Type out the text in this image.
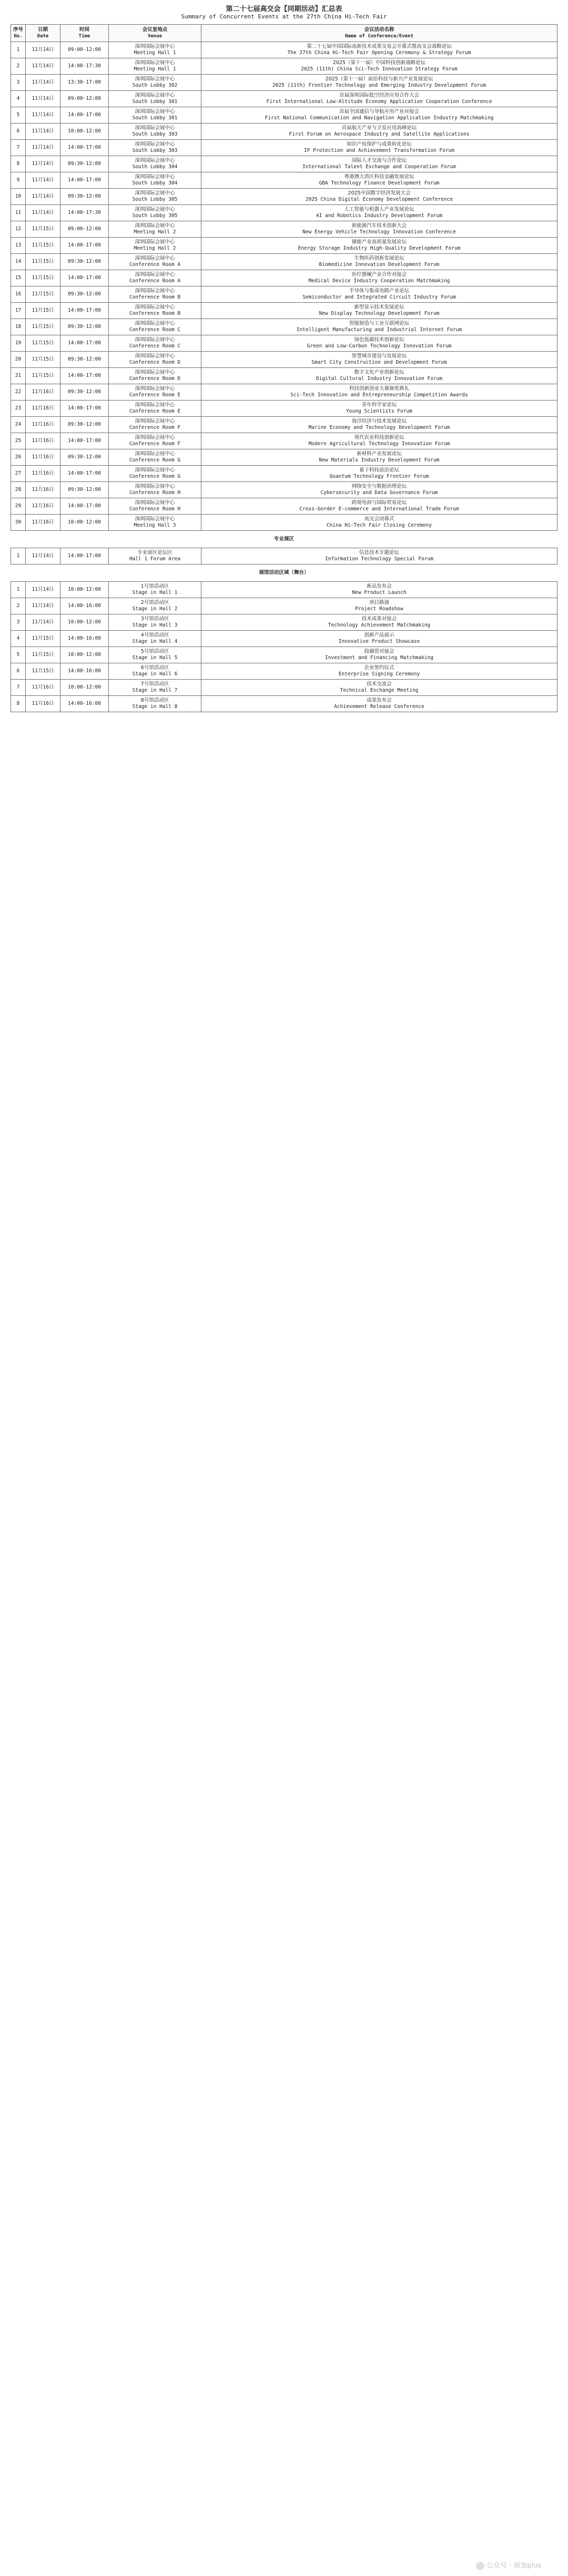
第二十七届高交会【同期活动】汇总表
Summary of Concurrent Events at the 27th China Hi-Tech Fair
序号
No.	日期
Date	时间
Time	会议室地点
Venue	会议活动名称
Name of Conference/Event

1	11月14日	09:00-12:00	深圳国际会展中心
Meeting Hall 1	第二十七届中国国际高新技术成果交易会开幕式暨高交会战略论坛
The 27th China Hi-Tech Fair Opening Ceremony & Strategy Forum

2	11月14日	14:00-17:30	深圳国际会展中心
Meeting Hall 1	2025（第十一届）中国科技创新战略论坛
2025 (11th) China Sci-Tech Innovation Strategy Forum

3	11月14日	13:30-17:00	深圳国际会展中心
South Lobby 302	2025（第十一届）前沿科技与新兴产业发展论坛
2025 (11th) Frontier Technology and Emerging Industry Development Forum

4	11月14日	09:00-12:00	深圳国际会展中心
South Lobby 301	首届深圳国际低空经济应用合作大会
First International Low-Altitude Economy Application Cooperation Conference

5	11月14日	14:00-17:00	深圳国际会展中心
South Lobby 301	首届全国通信与导航应用产业对接会
First National Communication and Navigation Application Industry Matchmaking

6	11月14日	10:00-12:00	深圳国际会展中心
South Lobby 303	首届航天产业与卫星应用高峰论坛
First Forum on Aerospace Industry and Satellite Applications

7	11月14日	14:00-17:00	深圳国际会展中心
South Lobby 303	知识产权保护与成果转化论坛
IP Protection and Achievement Transformation Forum

8	11月14日	09:30-12:00	深圳国际会展中心
South Lobby 304	国际人才交流与合作论坛
International Talent Exchange and Cooperation Forum

9	11月14日	14:00-17:00	深圳国际会展中心
South Lobby 304	粤港澳大湾区科技金融发展论坛
GBA Technology Finance Development Forum

10	11月14日	09:30-12:00	深圳国际会展中心
South Lobby 305	2025中国数字经济发展大会
2025 China Digital Economy Development Conference

11	11月14日	14:00-17:30	深圳国际会展中心
South Lobby 305	人工智能与机器人产业发展论坛
AI and Robotics Industry Development Forum

12	11月15日	09:00-12:00	深圳国际会展中心
Meeting Hall 2	新能源汽车技术创新大会
New Energy Vehicle Technology Innovation Conference

13	11月15日	14:00-17:00	深圳国际会展中心
Meeting Hall 2	储能产业高质量发展论坛
Energy Storage Industry High-Quality Development Forum

14	11月15日	09:30-12:00	深圳国际会展中心
Conference Room A	生物医药创新发展论坛
Biomedicine Innovation Development Forum

15	11月15日	14:00-17:00	深圳国际会展中心
Conference Room A	医疗器械产业合作对接会
Medical Device Industry Cooperation Matchmaking

16	11月15日	09:30-12:00	深圳国际会展中心
Conference Room B	半导体与集成电路产业论坛
Semiconductor and Integrated Circuit Industry Forum

17	11月15日	14:00-17:00	深圳国际会展中心
Conference Room B	新型显示技术发展论坛
New Display Technology Development Forum

18	11月15日	09:30-12:00	深圳国际会展中心
Conference Room C	智能制造与工业互联网论坛
Intelligent Manufacturing and Industrial Internet Forum

19	11月15日	14:00-17:00	深圳国际会展中心
Conference Room C	绿色低碳技术创新论坛
Green and Low-Carbon Technology Innovation Forum

20	11月15日	09:30-12:00	深圳国际会展中心
Conference Room D	智慧城市建设与发展论坛
Smart City Construction and Development Forum

21	11月15日	14:00-17:00	深圳国际会展中心
Conference Room D	数字文化产业创新论坛
Digital Cultural Industry Innovation Forum

22	11月16日	09:30-12:00	深圳国际会展中心
Conference Room E	科技创新创业大赛颁奖典礼
Sci-Tech Innovation and Entrepreneurship Competition Awards

23	11月16日	14:00-17:00	深圳国际会展中心
Conference Room E	青年科学家论坛
Young Scientists Forum

24	11月16日	09:30-12:00	深圳国际会展中心
Conference Room F	海洋经济与技术发展论坛
Marine Economy and Technology Development Forum

25	11月16日	14:00-17:00	深圳国际会展中心
Conference Room F	现代农业科技创新论坛
Modern Agricultural Technology Innovation Forum

26	11月16日	09:30-12:00	深圳国际会展中心
Conference Room G	新材料产业发展论坛
New Materials Industry Development Forum

27	11月16日	14:00-17:00	深圳国际会展中心
Conference Room G	量子科技前沿论坛
Quantum Technology Frontier Forum

28	11月16日	09:30-12:00	深圳国际会展中心
Conference Room H	网络安全与数据治理论坛
Cybersecurity and Data Governance Forum

29	11月16日	14:00-17:00	深圳国际会展中心
Conference Room H	跨境电商与国际贸易论坛
Cross-border E-commerce and International Trade Forum

30	11月16日	10:00-12:00	深圳国际会展中心
Meeting Hall 3	高交会闭幕式
China Hi-Tech Fair Closing Ceremony

专业展区				
1	11月14日	14:00-17:00	专业展区论坛区
Hall 1 Forum Area	信息技术专题论坛
Information Technology Special Forum

展馆活动区域（舞台）				
1	11月14日	10:00-12:00	1号馆活动区
Stage in Hall 1	新品发布会
New Product Launch

2	11月14日	14:00-16:00	2号馆活动区
Stage in Hall 2	项目路演
Project Roadshow

3	11月14日	10:00-12:00	3号馆活动区
Stage in Hall 3	技术成果对接会
Technology Achievement Matchmaking

4	11月15日	14:00-16:00	4号馆活动区
Stage in Hall 4	创新产品展示
Innovative Product Showcase

5	11月15日	10:00-12:00	5号馆活动区
Stage in Hall 5	投融资对接会
Investment and Financing Matchmaking

6	11月15日	14:00-16:00	6号馆活动区
Stage in Hall 6	企业签约仪式
Enterprise Signing Ceremony

7	11月16日	10:00-12:00	7号馆活动区
Stage in Hall 7	技术交流会
Technical Exchange Meeting

8	11月16日	14:00-16:00	8号馆活动区
Stage in Hall 8	成果发布会
Achievement Release Conference
公众号 · 展加plus
